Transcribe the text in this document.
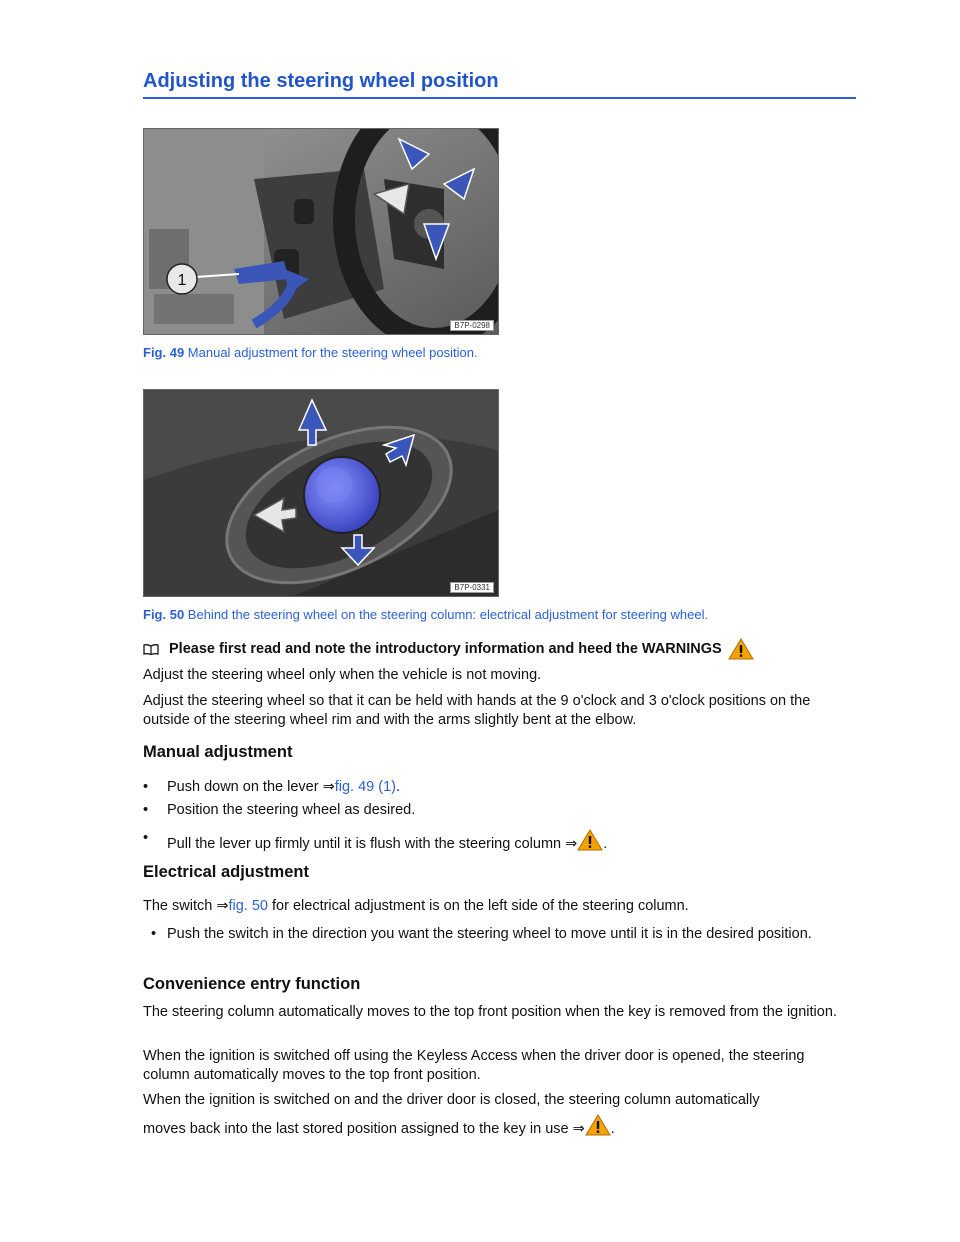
Adjusting the steering wheel position
1
B7P-0298
Fig. 49 Manual adjustment for the steering wheel position.
B7P-0331
Fig. 50 Behind the steering wheel on the steering column: electrical adjustment for steering wheel.
Please first read and note the introductory information and heed the WARNINGS
Adjust the steering wheel only when the vehicle is not moving.
Adjust the steering wheel so that it can be held with hands at the 9 o'clock and 3 o'clock positions on the outside of the steering wheel rim and with the arms slightly bent at the elbow.
Manual adjustment
•	Push down on the lever ⇒fig. 49 (1).
•	Position the steering wheel as desired.
•	Pull the lever up firmly until it is flush with the steering column ⇒ .
Electrical adjustment
The switch ⇒fig. 50 for electrical adjustment is on the left side of the steering column.
• Push the switch in the direction you want the steering wheel to move until it is in the desired position.
Convenience entry function
The steering column automatically moves to the top front position when the key is removed from the ignition.
When the ignition is switched off using the Keyless Access when the driver door is opened, the steering column automatically moves to the top front position.
When the ignition is switched on and the driver door is closed, the steering column automatically
moves back into the last stored position assigned to the key in use ⇒ .
